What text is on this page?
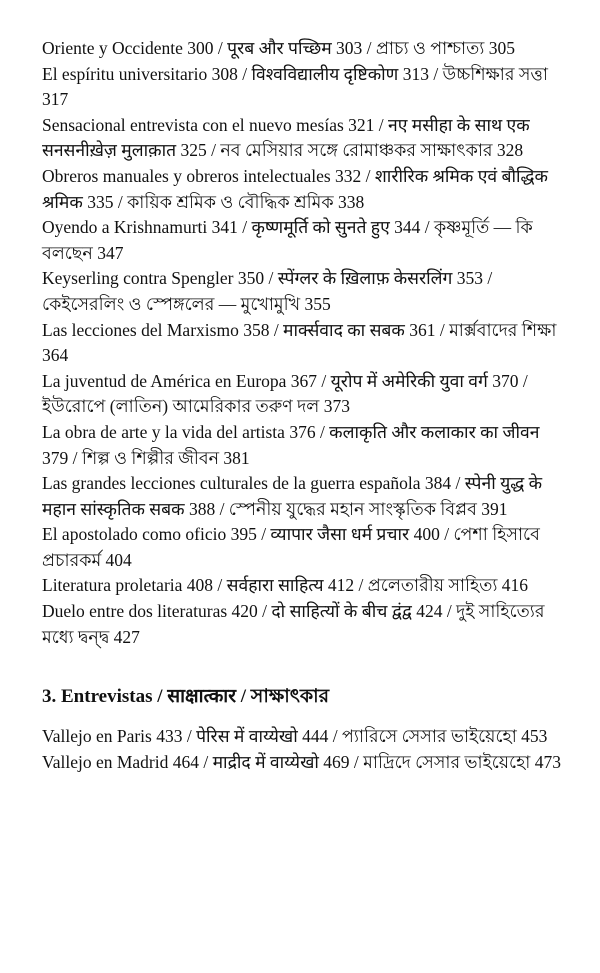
Oriente y Occidente 300 / पूरब और पच्छिम 303 / প্রাচ্য ও পাশ্চাত্য 305

El espíritu universitario 308 / विश्वविद्यालीय दृष्टिकोण 313 / উচ্চশিক্ষার সত্তা 317

Sensacional entrevista con el nuevo mesías 321 / नए मसीहा के साथ एक सनसनीख़ेज़ मुलाक़ात 325 / নব মেসিয়ার সঙ্গে রোমাঞ্চকর সাক্ষাৎকার 328

Obreros manuales y obreros intelectuales 332 / शारीरिक श्रमिक एवं बौद्धिक श्रमिक 335 / কায়িক শ্রমিক ও বৌদ্ধিক শ্রমিক 338

Oyendo a Krishnamurti 341 / कृष्णमूर्ति को सुनते हुए 344 / কৃষ্ণমূর্তি — কি বলছেন 347

Keyserling contra Spengler 350 / स्पेंग्लर के ख़िलाफ़ केसरलिंग 353 / কেইসেরলিং ও স্পেঙ্গলের — মুখোমুখি 355

Las lecciones del Marxismo 358 / मार्क्सवाद का सबक 361 / মার্ক্সবাদের শিক্ষা 364

La juventud de América en Europa 367 / यूरोप में अमेरिकी युवा वर्ग 370 / ইউরোপে (লাতিন) আমেরিকার তরুণ দল 373

La obra de arte y la vida del artista 376 / कलाकृति और कलाकार का जीवन 379 / শিল্প ও শিল্পীর জীবন 381

Las grandes lecciones culturales de la guerra española 384 / स्पेनी युद्ध के महान सांस्कृतिक सबक 388 / স্পেনীয় যুদ্ধের মহান সাংস্কৃতিক বিপ্লব 391

El apostolado como oficio 395 / व्यापार जैसा धर्म प्रचार 400 / পেশা হিসাবে প্রচারকর্ম 404

Literatura proletaria 408 / सर्वहारा साहित्य 412 / প্রলেতারীয় সাহিত্য 416

Duelo entre dos literaturas 420 / दो साहित्यों के बीच द्वंद्व 424 / দুই সাহিত্যের মধ্যে দ্বন্দ্ব 427

3. Entrevistas / साक्षात्कार / সাক্ষাৎকার

Vallejo en Paris 433 / पेरिस में वाय्येखो 444 / প্যারিসে সেসার ভাইয়েহো 453

Vallejo en Madrid 464 / माद्रीद में वाय्येखो 469 / মাদ্রিদে সেসার ভাইয়েহো 473
